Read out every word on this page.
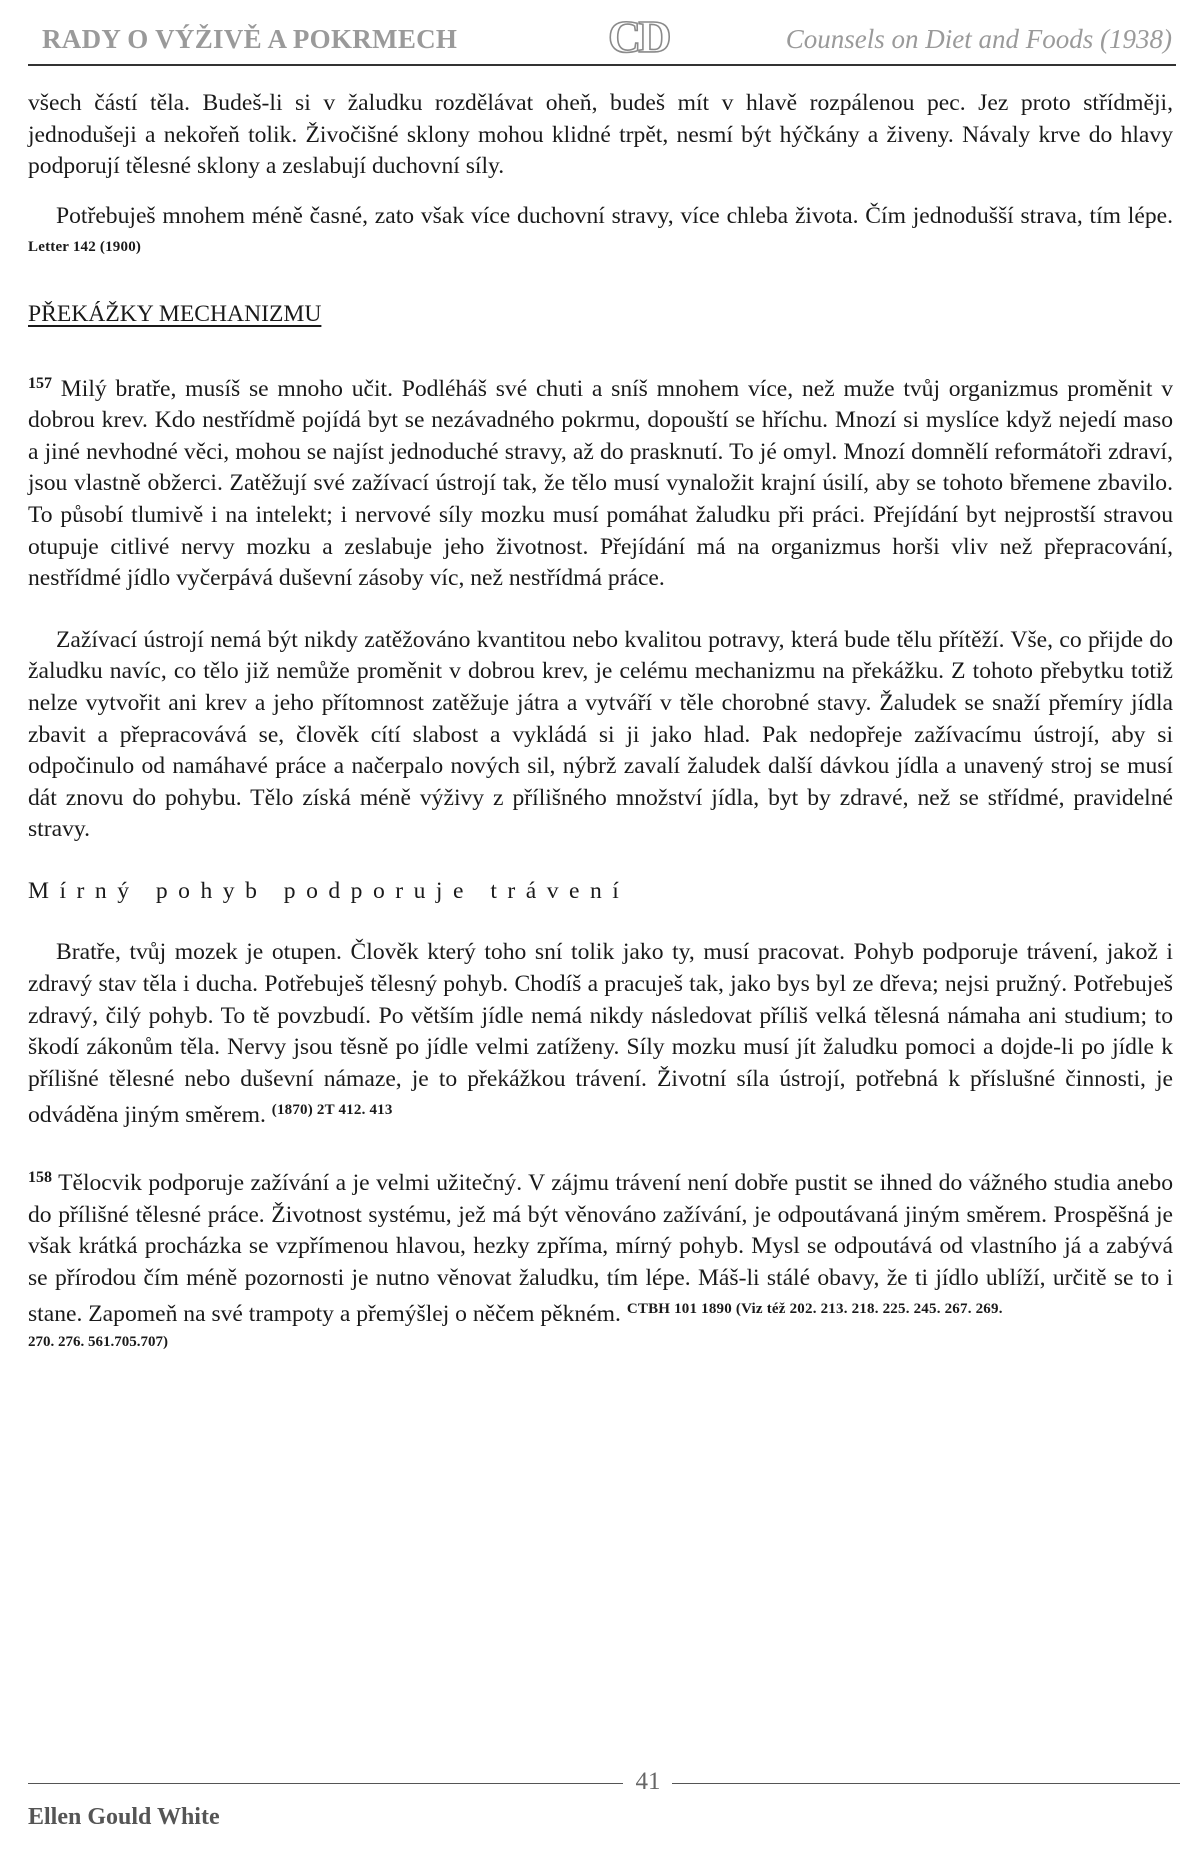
RADY O VÝŽIVĚ A POKRMECH	CD	Counsels on Diet and Foods (1938)

všech částí těla. Budeš-li si v žaludku rozdělávat oheň, budeš mít v hlavě rozpálenou pec. Jez proto střídměji, jednodušeji a nekořeň tolik. Živočišné sklony mohou klidné trpět, nesmí být hýčkány a živeny. Návaly krve do hlavy podporují tělesné sklony a zeslabují duchovní síly.

Potřebuješ mnohem méně časné, zato však více duchovní stravy, více chleba života. Čím jednodušší strava, tím lépe. $^{Letter 142 (1900)}$

PŘEKÁŽKY MECHANIZMU

$^{157}$ Milý bratře, musíš se mnoho učit. Podléháš své chuti a sníš mnohem více, než muže tvůj organizmus proměnit v dobrou krev. Kdo nestřídmě pojídá byt se nezávadného pokrmu, dopouští se hříchu. Mnozí si myslíce když nejedí maso a jiné nevhodné věci, mohou se najíst jednoduché stravy, až do prasknutí. To jé omyl. Mnozí domnělí reformátoři zdraví, jsou vlastně obžerci. Zatěžují své zažívací ústrojí tak, že tělo musí vynaložit krajní úsilí, aby se tohoto břemene zbavilo. To působí tlumivě i na intelekt; i nervové síly mozku musí pomáhat žaludku při práci. Přejídání byt nejprostší stravou otupuje citlivé nervy mozku a zeslabuje jeho životnost. Přejídání má na organizmus horši vliv než přepracování, nestřídmé jídlo vyčerpává duševní zásoby víc, než nestřídmá práce.

Zažívací ústrojí nemá být nikdy zatěžováno kvantitou nebo kvalitou potravy, která bude tělu přítěží. Vše, co přijde do žaludku navíc, co tělo již nemůže proměnit v dobrou krev, je celému mechanizmu na překážku. Z tohoto přebytku totiž nelze vytvořit ani krev a jeho přítomnost zatěžuje játra a vytváří v těle chorobné stavy. Žaludek se snaží přemíry jídla zbavit a přepracovává se, člověk cítí slabost a vykládá si ji jako hlad. Pak nedopřeje zažívacímu ústrojí, aby si odpočinulo od namáhavé práce a načerpalo nových sil, nýbrž zavalí žaludek další dávkou jídla a unavený stroj se musí dát znovu do pohybu. Tělo získá méně výživy z přílišného množství jídla, byt by zdravé, než se střídmé, pravidelné stravy.

Mírný pohyb podporuje trávení

Bratře, tvůj mozek je otupen. Člověk který toho sní tolik jako ty, musí pracovat. Pohyb podporuje trávení, jakož i zdravý stav těla i ducha. Potřebuješ tělesný pohyb. Chodíš a pracuješ tak, jako bys byl ze dřeva; nejsi pružný. Potřebuješ zdravý, čilý pohyb. To tě povzbudí. Po větším jídle nemá nikdy následovat příliš velká tělesná námaha ani studium; to škodí zákonům těla. Nervy jsou těsně po jídle velmi zatíženy. Síly mozku musí jít žaludku pomoci a dojde-li po jídle k přílišné tělesné nebo duševní námaze, je to překážkou trávení. Životní síla ústrojí, potřebná k příslušné činnosti, je odváděna jiným směrem. $^{(1870) 2T 412. 413}$

$^{158}$ Tělocvik podporuje zažívání a je velmi užitečný. V zájmu trávení není dobře pustit se ihned do vážného studia anebo do přílišné tělesné práce. Životnost systému, jež má být věnováno zažívání, je odpoutávaná jiným směrem. Prospěšná je však krátká procházka se vzpřímenou hlavou, hezky zpříma, mírný pohyb. Mysl se odpoutává od vlastního já a zabývá se přírodou čím méně pozornosti je nutno věnovat žaludku, tím lépe. Máš-li stálé obavy, že ti jídlo ublíží, určitě se to i stane. Zapomeň na své trampoty a přemýšlej o něčem pěkném. $^{CTBH 101 1890 (Viz též 202. 213. 218. 225. 245. 267. 269.}$

270. 276. 561.705.707)

41
Ellen Gould White
